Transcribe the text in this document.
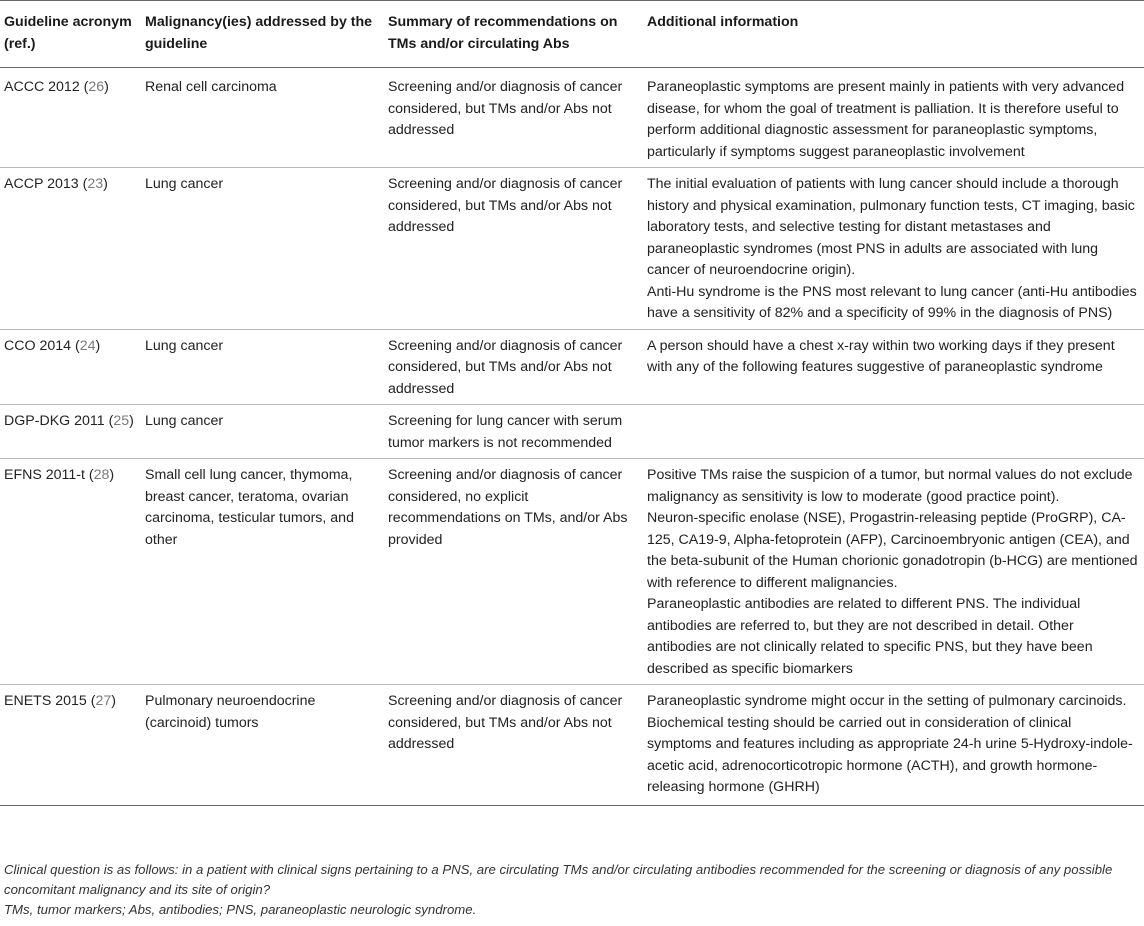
Guideline acronym (ref.)	Malignancy(ies) addressed by the guideline	Summary of recommendations on TMs and/or circulating Abs	Additional information
ACCC 2012 (26)	Renal cell carcinoma	Screening and/or diagnosis of cancer considered, but TMs and/or Abs not addressed	Paraneoplastic symptoms are present mainly in patients with very advanced disease, for whom the goal of treatment is palliation. It is therefore useful to perform additional diagnostic assessment for paraneoplastic symptoms, particularly if symptoms suggest paraneoplastic involvement

ACCP 2013 (23)	Lung cancer	Screening and/or diagnosis of cancer considered, but TMs and/or Abs not addressed	The initial evaluation of patients with lung cancer should include a thorough history and physical examination, pulmonary function tests, CT imaging, basic laboratory tests, and selective testing for distant metastases and paraneoplastic syndromes (most PNS in adults are associated with lung cancer of neuroendocrine origin).
Anti-Hu syndrome is the PNS most relevant to lung cancer (anti-Hu antibodies have a sensitivity of 82% and a specificity of 99% in the diagnosis of PNS)

CCO 2014 (24)	Lung cancer	Screening and/or diagnosis of cancer considered, but TMs and/or Abs not addressed	A person should have a chest x-ray within two working days if they present with any of the following features suggestive of paraneoplastic syndrome

DGP-DKG 2011 (25)	Lung cancer	Screening for lung cancer with serum tumor markers is not recommended	
EFNS 2011-t (28)	Small cell lung cancer, thymoma, breast cancer, teratoma, ovarian carcinoma, testicular tumors, and other	Screening and/or diagnosis of cancer considered, no explicit recommendations on TMs, and/or Abs provided	Positive TMs raise the suspicion of a tumor, but normal values do not exclude malignancy as sensitivity is low to moderate (good practice point).
Neuron-specific enolase (NSE), Progastrin-releasing peptide (ProGRP), CA-125, CA19-9, Alpha-fetoprotein (AFP), Carcinoembryonic antigen (CEA), and the beta-subunit of the Human chorionic gonadotropin (b-HCG) are mentioned with reference to different malignancies.
Paraneoplastic antibodies are related to different PNS. The individual antibodies are referred to, but they are not described in detail. Other antibodies are not clinically related to specific PNS, but they have been described as specific biomarkers

ENETS 2015 (27)	Pulmonary neuroendocrine (carcinoid) tumors	Screening and/or diagnosis of cancer considered, but TMs and/or Abs not addressed	Paraneoplastic syndrome might occur in the setting of pulmonary carcinoids. Biochemical testing should be carried out in consideration of clinical symptoms and features including as appropriate 24-h urine 5-Hydroxy-indole-acetic acid, adrenocorticotropic hormone (ACTH), and growth hormone-releasing hormone (GHRH)

Clinical question is as follows: in a patient with clinical signs pertaining to a PNS, are circulating TMs and/or circulating antibodies recommended for the screening or diagnosis of any possible concomitant malignancy and its site of origin?

TMs, tumor markers; Abs, antibodies; PNS, paraneoplastic neurologic syndrome.
